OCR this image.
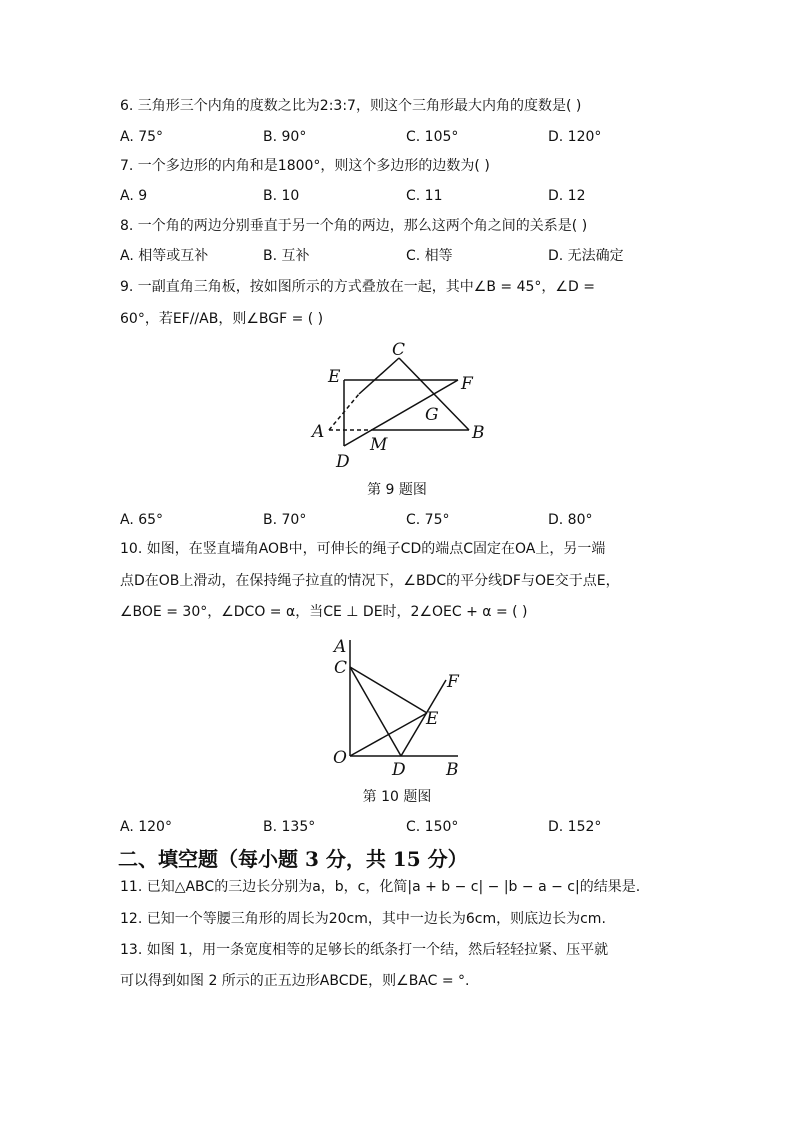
6. 三角形三个内角的度数之比为2:3:7，则这个三角形最大内角的度数是( )
A. 75°	B. 90°	C. 105°	D. 120°
7. 一个多边形的内角和是1800°，则这个多边形的边数为( )
A. 9	B. 10	C. 11	D. 12
8. 一个角的两边分别垂直于另一个角的两边，那么这两个角之间的关系是( )
A. 相等或互补	B. 互补	C. 相等	D. 无法确定
9. 一副直角三角板，按如图所示的方式叠放在一起，其中∠B = 45°，∠D =
60°，若EF//AB，则∠BGF = ( )
C
E	F
G
A
M
B
D
第 9 题图
A. 65°	B. 70°	C. 75°	D. 80°
10. 如图，在竖直墙角AOB中，可伸长的绳子CD的端点C固定在OA上，另一端
点D在OB上滑动，在保持绳子拉直的情况下，∠BDC的平分线DF与OE交于点E，
∠BOE = 30°，∠DCO = α，当CE ⊥ DE时，2∠OEC + α = ( )
A
C
F
E
O
D B
第 10 题图
A. 120°	B. 135°	C. 150°	D. 152°
二、填空题（每小题 3 分，共 15 分）
11. 已知△ABC的三边长分别为a，b，c，化简|a + b − c| − |b − a − c|的结果是.
12. 已知一个等腰三角形的周长为20cm，其中一边长为6cm，则底边长为cm.
13. 如图 1，用一条宽度相等的足够长的纸条打一个结，然后轻轻拉紧、压平就
可以得到如图 2 所示的正五边形ABCDE，则∠BAC = °.
